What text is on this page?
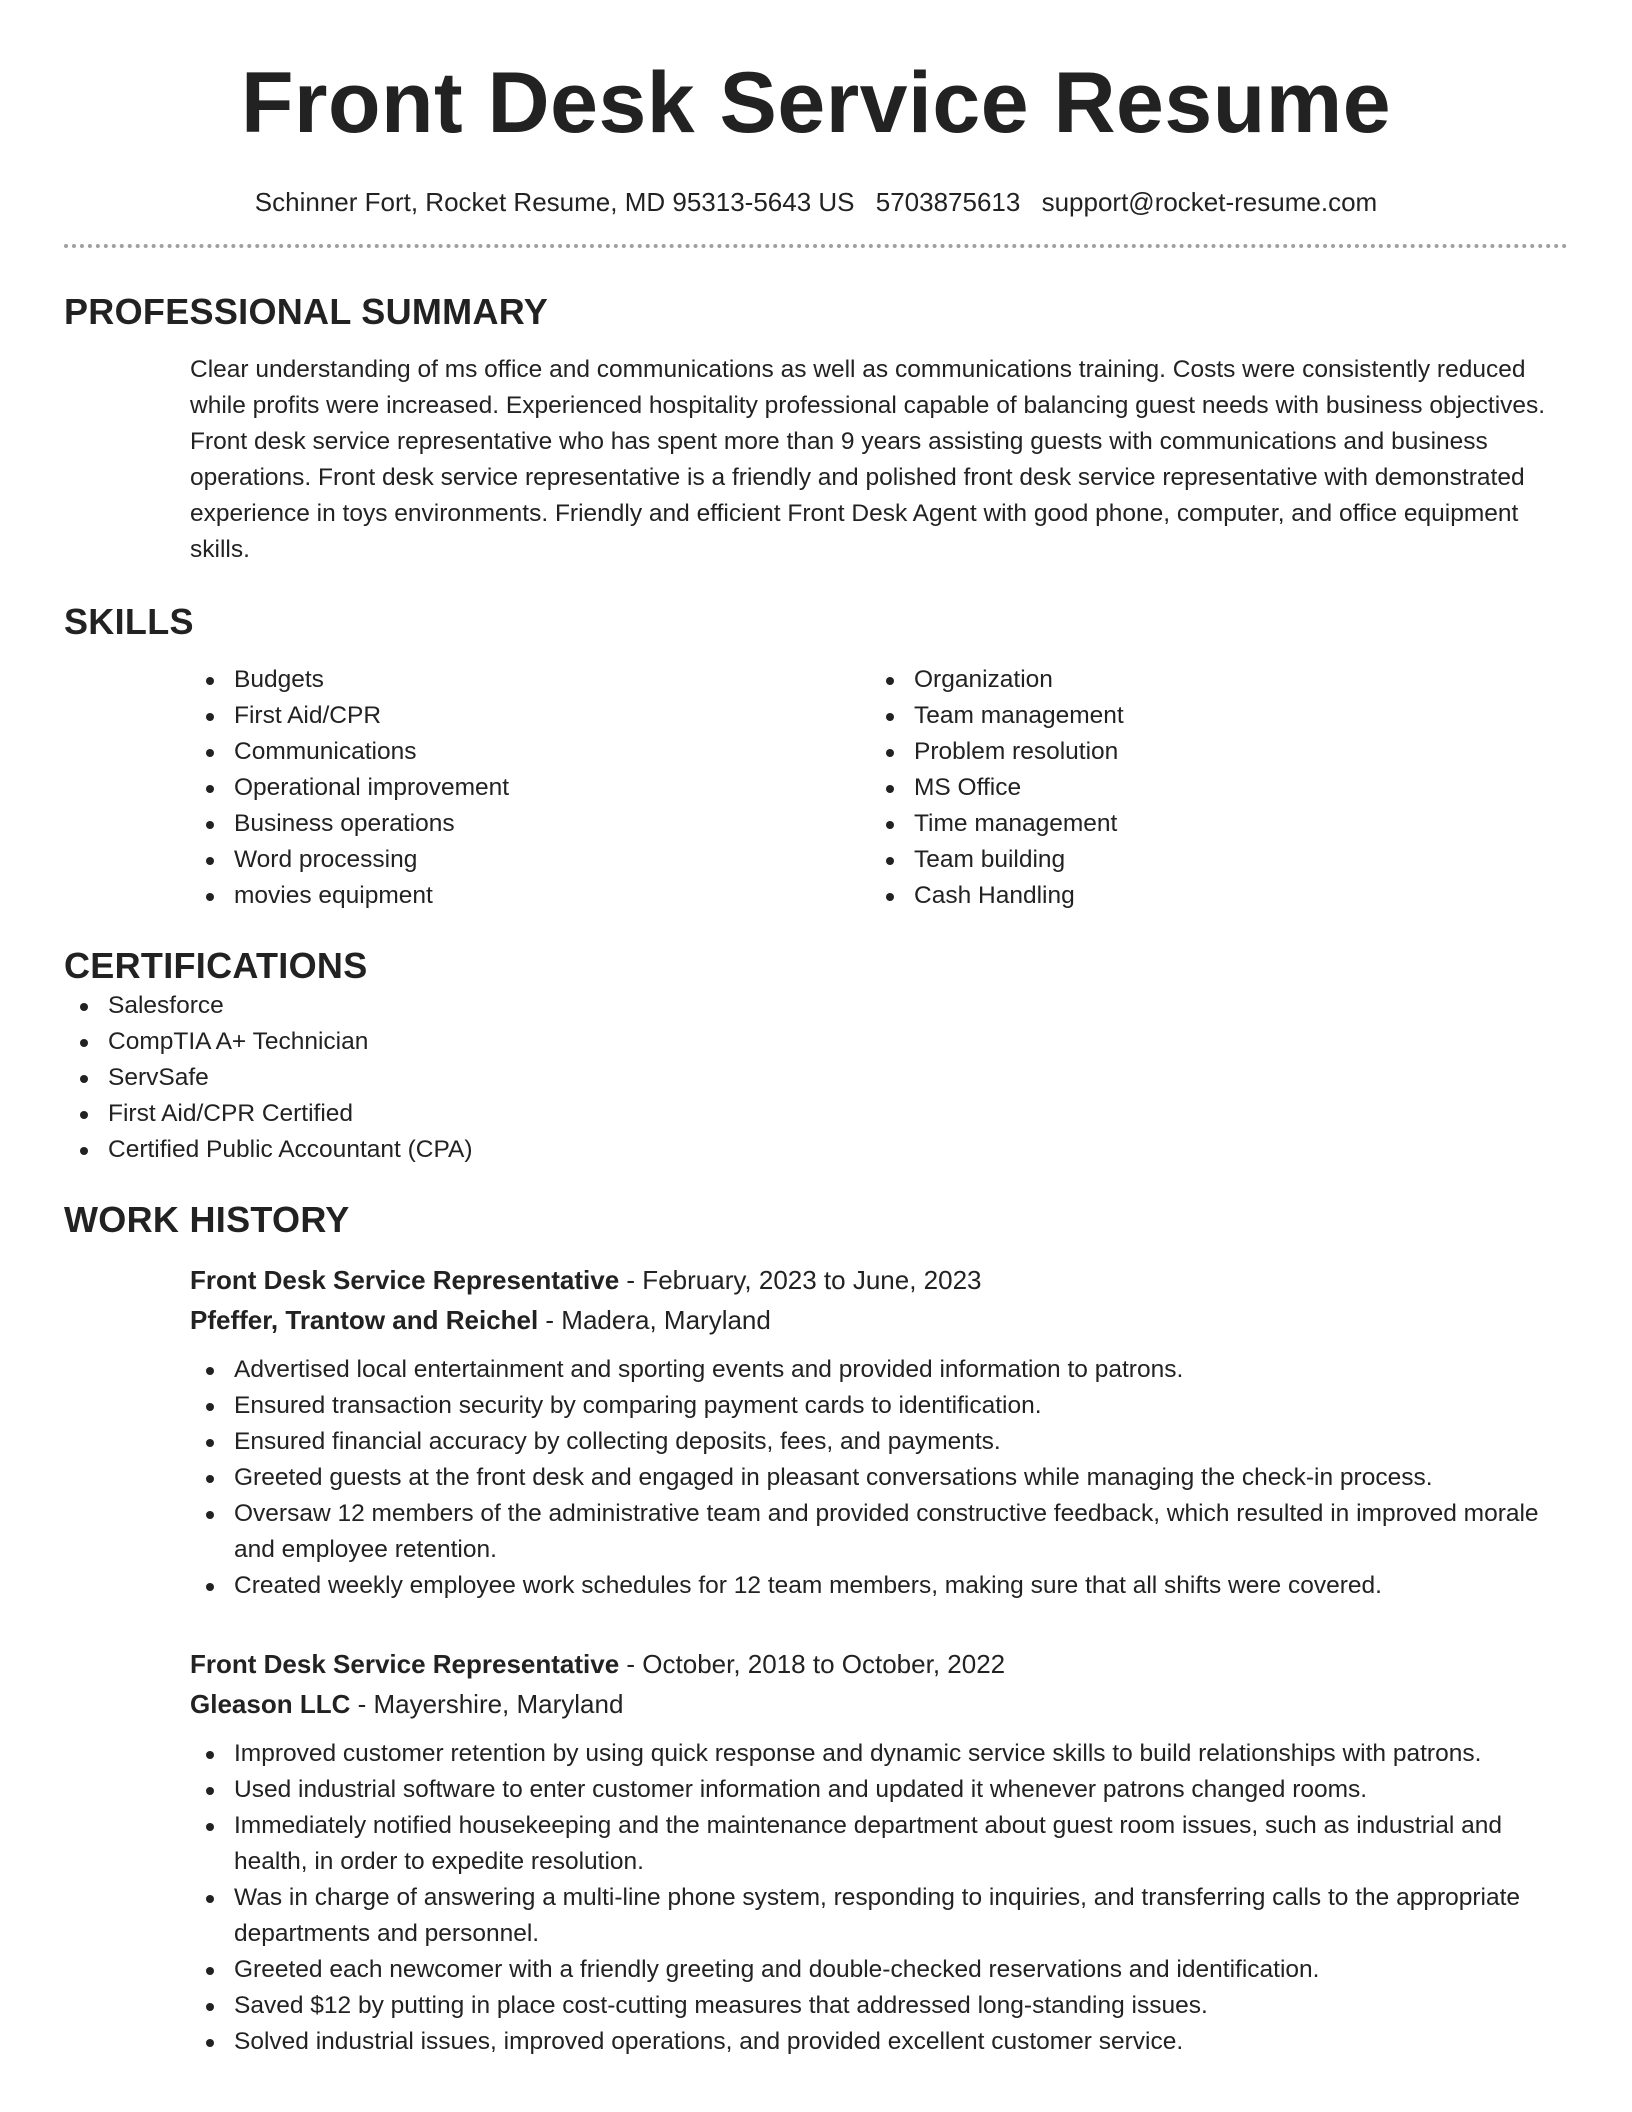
Front Desk Service Resume
Schinner Fort, Rocket Resume, MD 95313-5643 US 5703875613 support@rocket-resume.com
PROFESSIONAL SUMMARY

Clear understanding of ms office and communications as well as communications training. Costs were consistently reduced while profits were increased. Experienced hospitality professional capable of balancing guest needs with business objectives. Front desk service representative who has spent more than 9 years assisting guests with communications and business operations. Front desk service representative is a friendly and polished front desk service representative with demonstrated experience in toys environments. Friendly and efficient Front Desk Agent with good phone, computer, and office equipment skills.

SKILLS
Budgets
First Aid/CPR
Communications
Operational improvement
Business operations
Word processing
movies equipment
Organization
Team management
Problem resolution
MS Office
Time management
Team building
Cash Handling
CERTIFICATIONS
Salesforce
CompTIA A+ Technician
ServSafe
First Aid/CPR Certified
Certified Public Accountant (CPA)
WORK HISTORY
Front Desk Service Representative - February, 2023 to June, 2023
Pfeffer, Trantow and Reichel - Madera, Maryland
Advertised local entertainment and sporting events and provided information to patrons.
Ensured transaction security by comparing payment cards to identification.
Ensured financial accuracy by collecting deposits, fees, and payments.
Greeted guests at the front desk and engaged in pleasant conversations while managing the check-in process.
Oversaw 12 members of the administrative team and provided constructive feedback, which resulted in improved morale and employee retention.
Created weekly employee work schedules for 12 team members, making sure that all shifts were covered.
Front Desk Service Representative - October, 2018 to October, 2022
Gleason LLC - Mayershire, Maryland
Improved customer retention by using quick response and dynamic service skills to build relationships with patrons.
Used industrial software to enter customer information and updated it whenever patrons changed rooms.
Immediately notified housekeeping and the maintenance department about guest room issues, such as industrial and health, in order to expedite resolution.
Was in charge of answering a multi-line phone system, responding to inquiries, and transferring calls to the appropriate departments and personnel.
Greeted each newcomer with a friendly greeting and double-checked reservations and identification.
Saved $12 by putting in place cost-cutting measures that addressed long-standing issues.
Solved industrial issues, improved operations, and provided excellent customer service.
